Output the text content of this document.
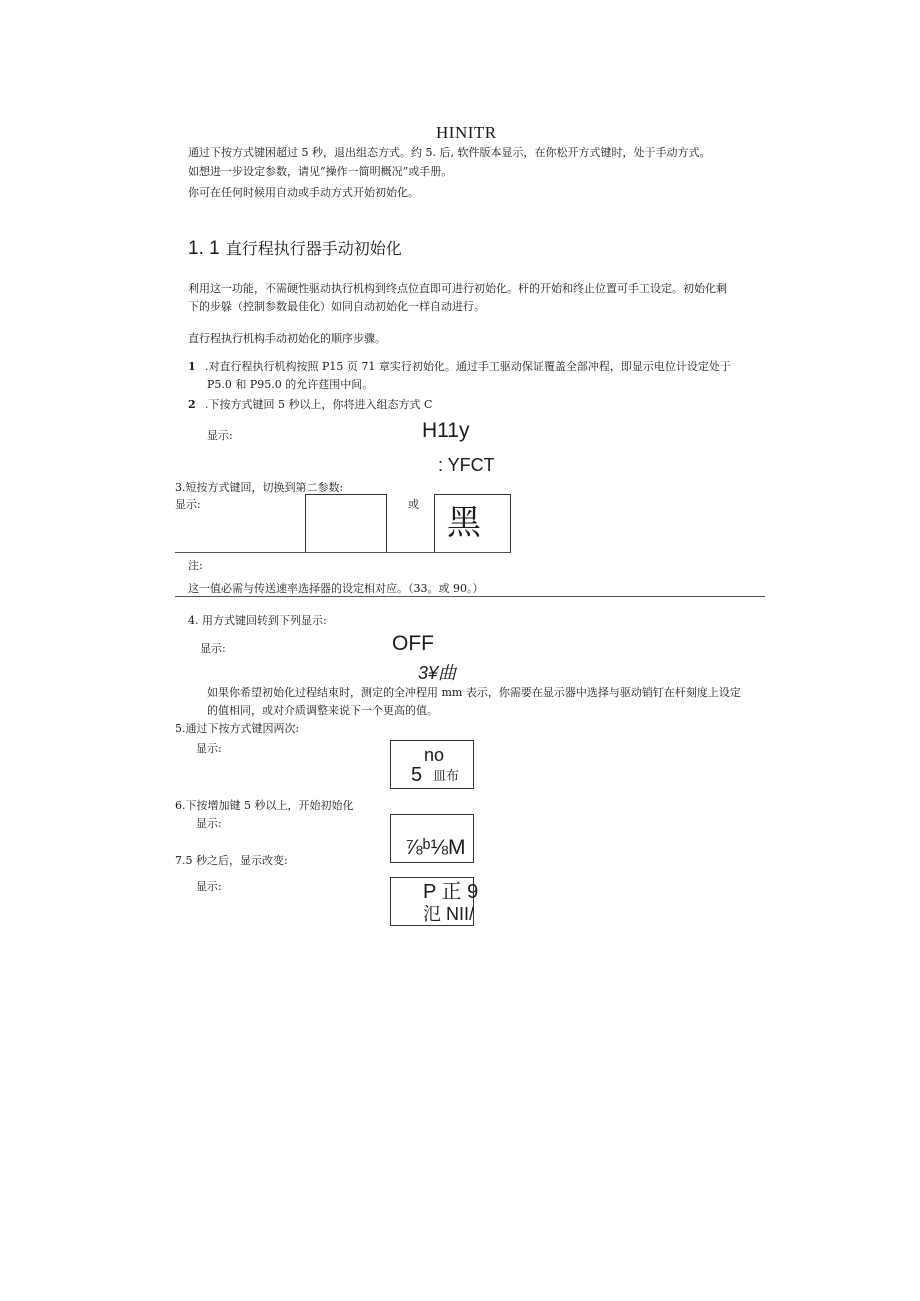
HINITR
通过下按方式键困超过 5 秒，退出组态方式。约 5. 后, 软件版本显示，在你松开方式键时，处于手动方式。
如想进一步设定参数，请见“操作一简明概况”或手册。
你可在任何时候用自动或手动方式开始初始化。
1. 1 直行程执行器手动初始化
利用这一功能，不需硬性驱动执行机构到终点位直即可进行初始化。杆的开始和终止位置可手工设定。初始化剩
下的步躲（控制参数最佳化）如同自动初始化一样自动进行。
直行程执行机构手动初始化的顺序步骤。
1 .对直行程执行机构按照 P15 页 71 章实行初始化。通过手工驱动保证覆盖全部冲程，即显示电位计设定处于
P5.0 和 P95.0 的允许莛围中间。
2 .下按方式键回 5 秒以上，你将进入组态方式 C
显示:	H11y
: YFCT
3.短按方式键回，切换到第二参数:
显示:	或 黑
注:
这一值必需与传送速率选择器的设定相对应。（33。或 90。）
4. 用方式键回转到下列显示:
显示:	OFF
3¥曲
如果你希望初始化过程结束时，测定的全冲程用 mm 表示，你需要在显示器中选择与驱动销钉在杆刻度上设定
的值相同，或对介质调整来说下一个更高的值。
5.通过下按方式键因两次:
显示:	no
5 皿布
6.下按增加键 5 秒以上，开始初始化
显示:
⅞ᵇ⅛M
7.5 秒之后，显示改变:
显示:	P 正 9
氾 NII/
